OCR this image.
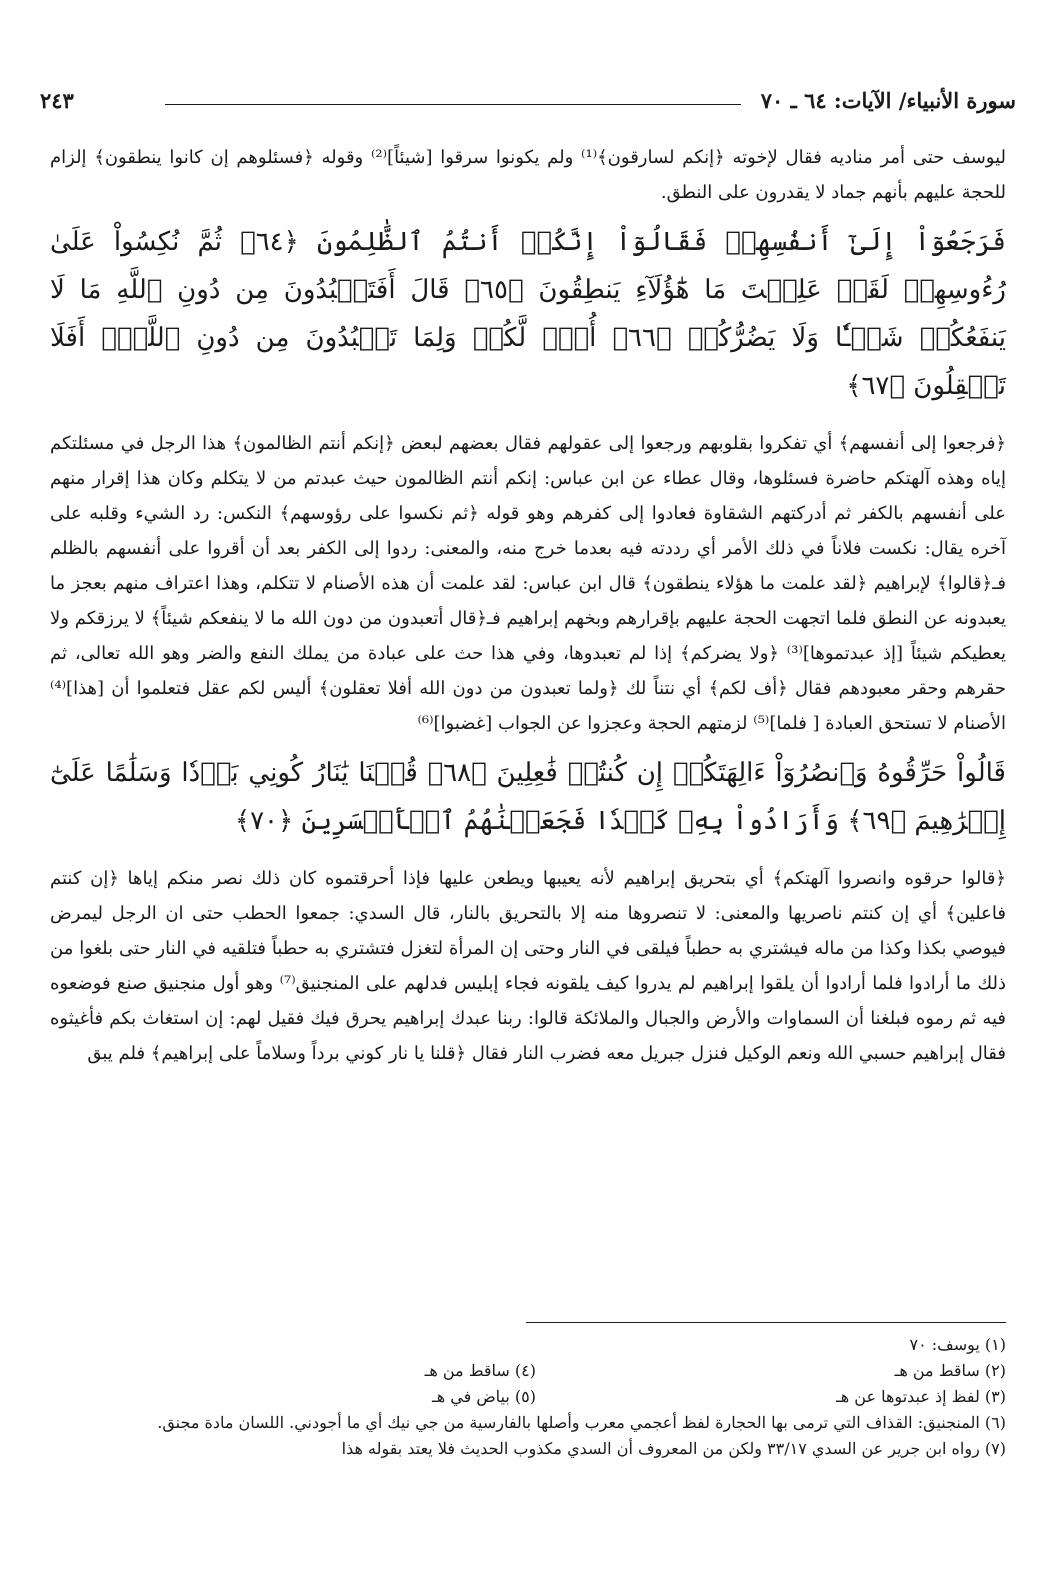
سورة الأنبياء/ الآيات: ٦٤ ـ ٧٠
٢٤٣

ليوسف حتى أمر مناديه فقال لإخوته ﴿إنكم لسارقون﴾⁽¹⁾ ولم يكونوا سرقوا [شيئاً]⁽²⁾ وقوله ﴿فسئلوهم إن كانوا ينطقون﴾ إلزام للحجة عليهم بأنهم جماد لا يقدرون على النطق.

فَرَجَعُوٓاْ إِلَىٰٓ أَنفُسِهِمۡ فَقَالُوٓاْ إِنَّكُمۡ أَنتُمُ ٱلظَّٰلِمُونَ ﴿٦٤﴾ ثُمَّ نُكِسُواْ عَلَىٰ رُءُوسِهِمۡ لَقَدۡ عَلِمۡتَ مَا هَٰٓؤُلَآءِ يَنطِقُونَ ﴿٦٥﴾ قَالَ أَفَتَعۡبُدُونَ مِن دُونِ ٱللَّهِ مَا لَا يَنفَعُكُمۡ شَيۡـٔٗا وَلَا يَضُرُّكُمۡ ﴿٦٦﴾ أُفّٖ لَّكُمۡ وَلِمَا تَعۡبُدُونَ مِن دُونِ ٱللَّهِۚ أَفَلَا تَعۡقِلُونَ ﴿٦٧﴾

﴿فرجعوا إلى أنفسهم﴾ أي تفكروا بقلوبهم ورجعوا إلى عقولهم فقال بعضهم لبعض ﴿إنكم أنتم الظالمون﴾ هذا الرجل في مسئلتكم إياه وهذه آلهتكم حاضرة فسئلوها، وقال عطاء عن ابن عباس: إنكم أنتم الظالمون حيث عبدتم من لا يتكلم وكان هذا إقرار منهم على أنفسهم بالكفر ثم أدركتهم الشقاوة فعادوا إلى كفرهم وهو قوله ﴿ثم نكسوا على رؤوسهم﴾ النكس: رد الشيء وقلبه على آخره يقال: نكست فلاناً في ذلك الأمر أي رددته فيه بعدما خرج منه، والمعنى: ردوا إلى الكفر بعد أن أقروا على أنفسهم بالظلم فـ﴿قالوا﴾ لإبراهيم ﴿لقد علمت ما هؤلاء ينطقون﴾ قال ابن عباس: لقد علمت أن هذه الأصنام لا تتكلم، وهذا اعتراف منهم بعجز ما يعبدونه عن النطق فلما اتجهت الحجة عليهم بإقرارهم وبخهم إبراهيم فـ﴿قال أتعبدون من دون الله ما لا ينفعكم شيئاً﴾ لا يرزقكم ولا يعطيكم شيئاً [إذ عبدتموها]⁽³⁾ ﴿ولا يضركم﴾ إذا لم تعبدوها، وفي هذا حث على عبادة من يملك النفع والضر وهو الله تعالى، ثم حقرهم وحقر معبودهم فقال ﴿أف لكم﴾ أي نتناً لك ﴿ولما تعبدون من دون الله أفلا تعقلون﴾ أليس لكم عقل فتعلموا أن [هذا]⁽⁴⁾ الأصنام لا تستحق العبادة [ فلما]⁽⁵⁾ لزمتهم الحجة وعجزوا عن الجواب [غضبوا]⁽⁶⁾

قَالُواْ حَرِّقُوهُ وَٱنصُرُوٓاْ ءَالِهَتَكُمۡ إِن كُنتُمۡ فَٰعِلِينَ ﴿٦٨﴾ قُلۡنَا يَٰنَارُ كُونِي بَرۡدٗا وَسَلَٰمًا عَلَىٰٓ إِبۡرَٰهِيمَ ﴿٦٩﴾ وَأَرَادُواْ بِهِۦ كَيۡدٗا فَجَعَلۡنَٰهُمُ ٱلۡأَخۡسَرِينَ ﴿٧٠﴾

﴿قالوا حرقوه وانصروا آلهتكم﴾ أي بتحريق إبراهيم لأنه يعيبها ويطعن عليها فإذا أحرقتموه كان ذلك نصر منكم إياها ﴿إن كنتم فاعلين﴾ أي إن كنتم ناصريها والمعنى: لا تنصروها منه إلا بالتحريق بالنار، قال السدي: جمعوا الحطب حتى ان الرجل ليمرض فيوصي بكذا وكذا من ماله فيشتري به حطباً فيلقى في النار وحتى إن المرأة لتغزل فتشتري به حطباً فتلقيه في النار حتى بلغوا من ذلك ما أرادوا فلما أرادوا أن يلقوا إبراهيم لم يدروا كيف يلقونه فجاء إبليس فدلهم على المنجنيق⁽⁷⁾ وهو أول منجنيق صنع فوضعوه فيه ثم رموه فبلغنا أن السماوات والأرض والجبال والملائكة قالوا: ربنا عبدك إبراهيم يحرق فيك فقيل لهم: إن استغاث بكم فأغيثوه فقال إبراهيم حسبي الله ونعم الوكيل فنزل جبريل معه فضرب النار فقال ﴿قلنا يا نار كوني برداً وسلاماً على إبراهيم﴾ فلم يبق

(١) يوسف: ٧٠
(٢) ساقط من هـ
(٤) ساقط من هـ
(٣) لفظ إذ عبدتوها عن هـ
(٥) بياض في هـ
(٦) المنجنيق: القذاف التي ترمى بها الحجارة لفظ أعجمي معرب وأصلها بالفارسية من جي نيك أي ما أجودني. اللسان مادة مجنق.
(٧) رواه ابن جرير عن السدي ٣٣/١٧ ولكن من المعروف أن السدي مكذوب الحديث فلا يعتد بقوله هذا
